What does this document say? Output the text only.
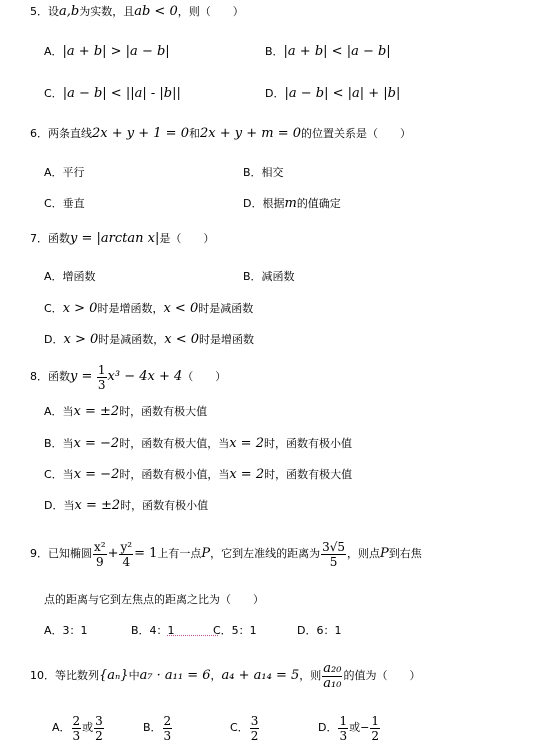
5．设a,b为实数，且ab < 0，则（　　）
A．|a + b| > |a − b|	B．|a + b| < |a − b|
C．|a − b| < ||a| - |b||	D．|a − b| < |a| + |b|
6．两条直线2x + y + 1 = 0和2x + y + m = 0的位置关系是（　　）
A．平行	B．相交
C．垂直	D．根据m的值确定
7．函数y = |arctan x|是（　　）
A．增函数	B．减函数
C．x > 0时是增函数，x < 0时是减函数
D．x > 0时是减函数，x < 0时是增函数
8．函数$y = \frac{1}{3} x^3 - 4x + 4$（　　）
A．当x = ±2时，函数有极大值
B．当x = −2时，函数有极大值，当x = 2时，函数有极小值
C．当x = −2时，函数有极小值，当x = 2时，函数有极大值
D．当x = ±2时，函数有极小值
9．已知椭圆 $\frac{\text{x²}}{9} + \frac{\text{y²}}{4} = 1$上有一点P，它到左准线的距离为 $\frac{3√5}{5}$ ，则点P到右焦
点的距离与它到左焦点的距离之比为（　　）
A．3：1	B．4：1　　　　
C．5：1	D．6：1
10．等比数列{aₙ}中a₇ · a₁₁ = 6，a₄ + a₁₄ = 5，则 $\frac{\text{a₂₀}}{\text{a₁₀}}$ 的值为（　　）
A． $\frac{2}{3}$ 或 $\frac{3}{2}$	B． $\frac{2}{3}$	C． $\frac{3}{2}$	D． $\frac{1}{3}$ 或− $\frac{1}{2}$
